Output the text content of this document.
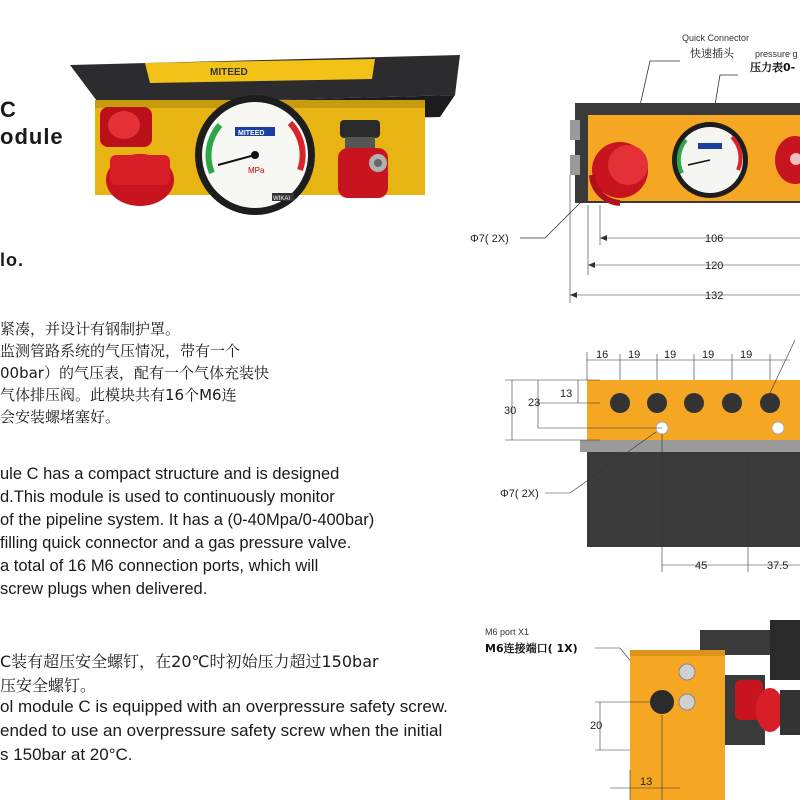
MITEED
MITEED
MPa
WIKAI
C
odule
lo.
紧凑，并设计有钢制护罩。
监测管路系统的气压情况，带有一个
00bar）的气压表，配有一个气体充装快
气体排压阀。此模块共有16个M6连
会安装螺堵塞好。
ule C has a compact structure and is designed
d.This module is used to continuously monitor
of the pipeline system. It has a (0-40Mpa/0-400bar)
filling quick connector and a gas pressure valve.
a total of 16 M6 connection ports, which will
screw plugs when delivered.
C装有超压安全螺钉，在20℃时初始压力超过150bar
压安全螺钉。
ol module C is equipped with an overpressure safety screw.
ended to use an overpressure safety screw when the initial
s 150bar at 20°C.
Quick Connector
快速插头 pressure g
压力表0-
Φ7( 2X)	106
120
132
16 19 19 19 19
30
23
13
Φ7( 2X)
45	37.5
M6 port X1
M6连接端口( 1X)
20
13
